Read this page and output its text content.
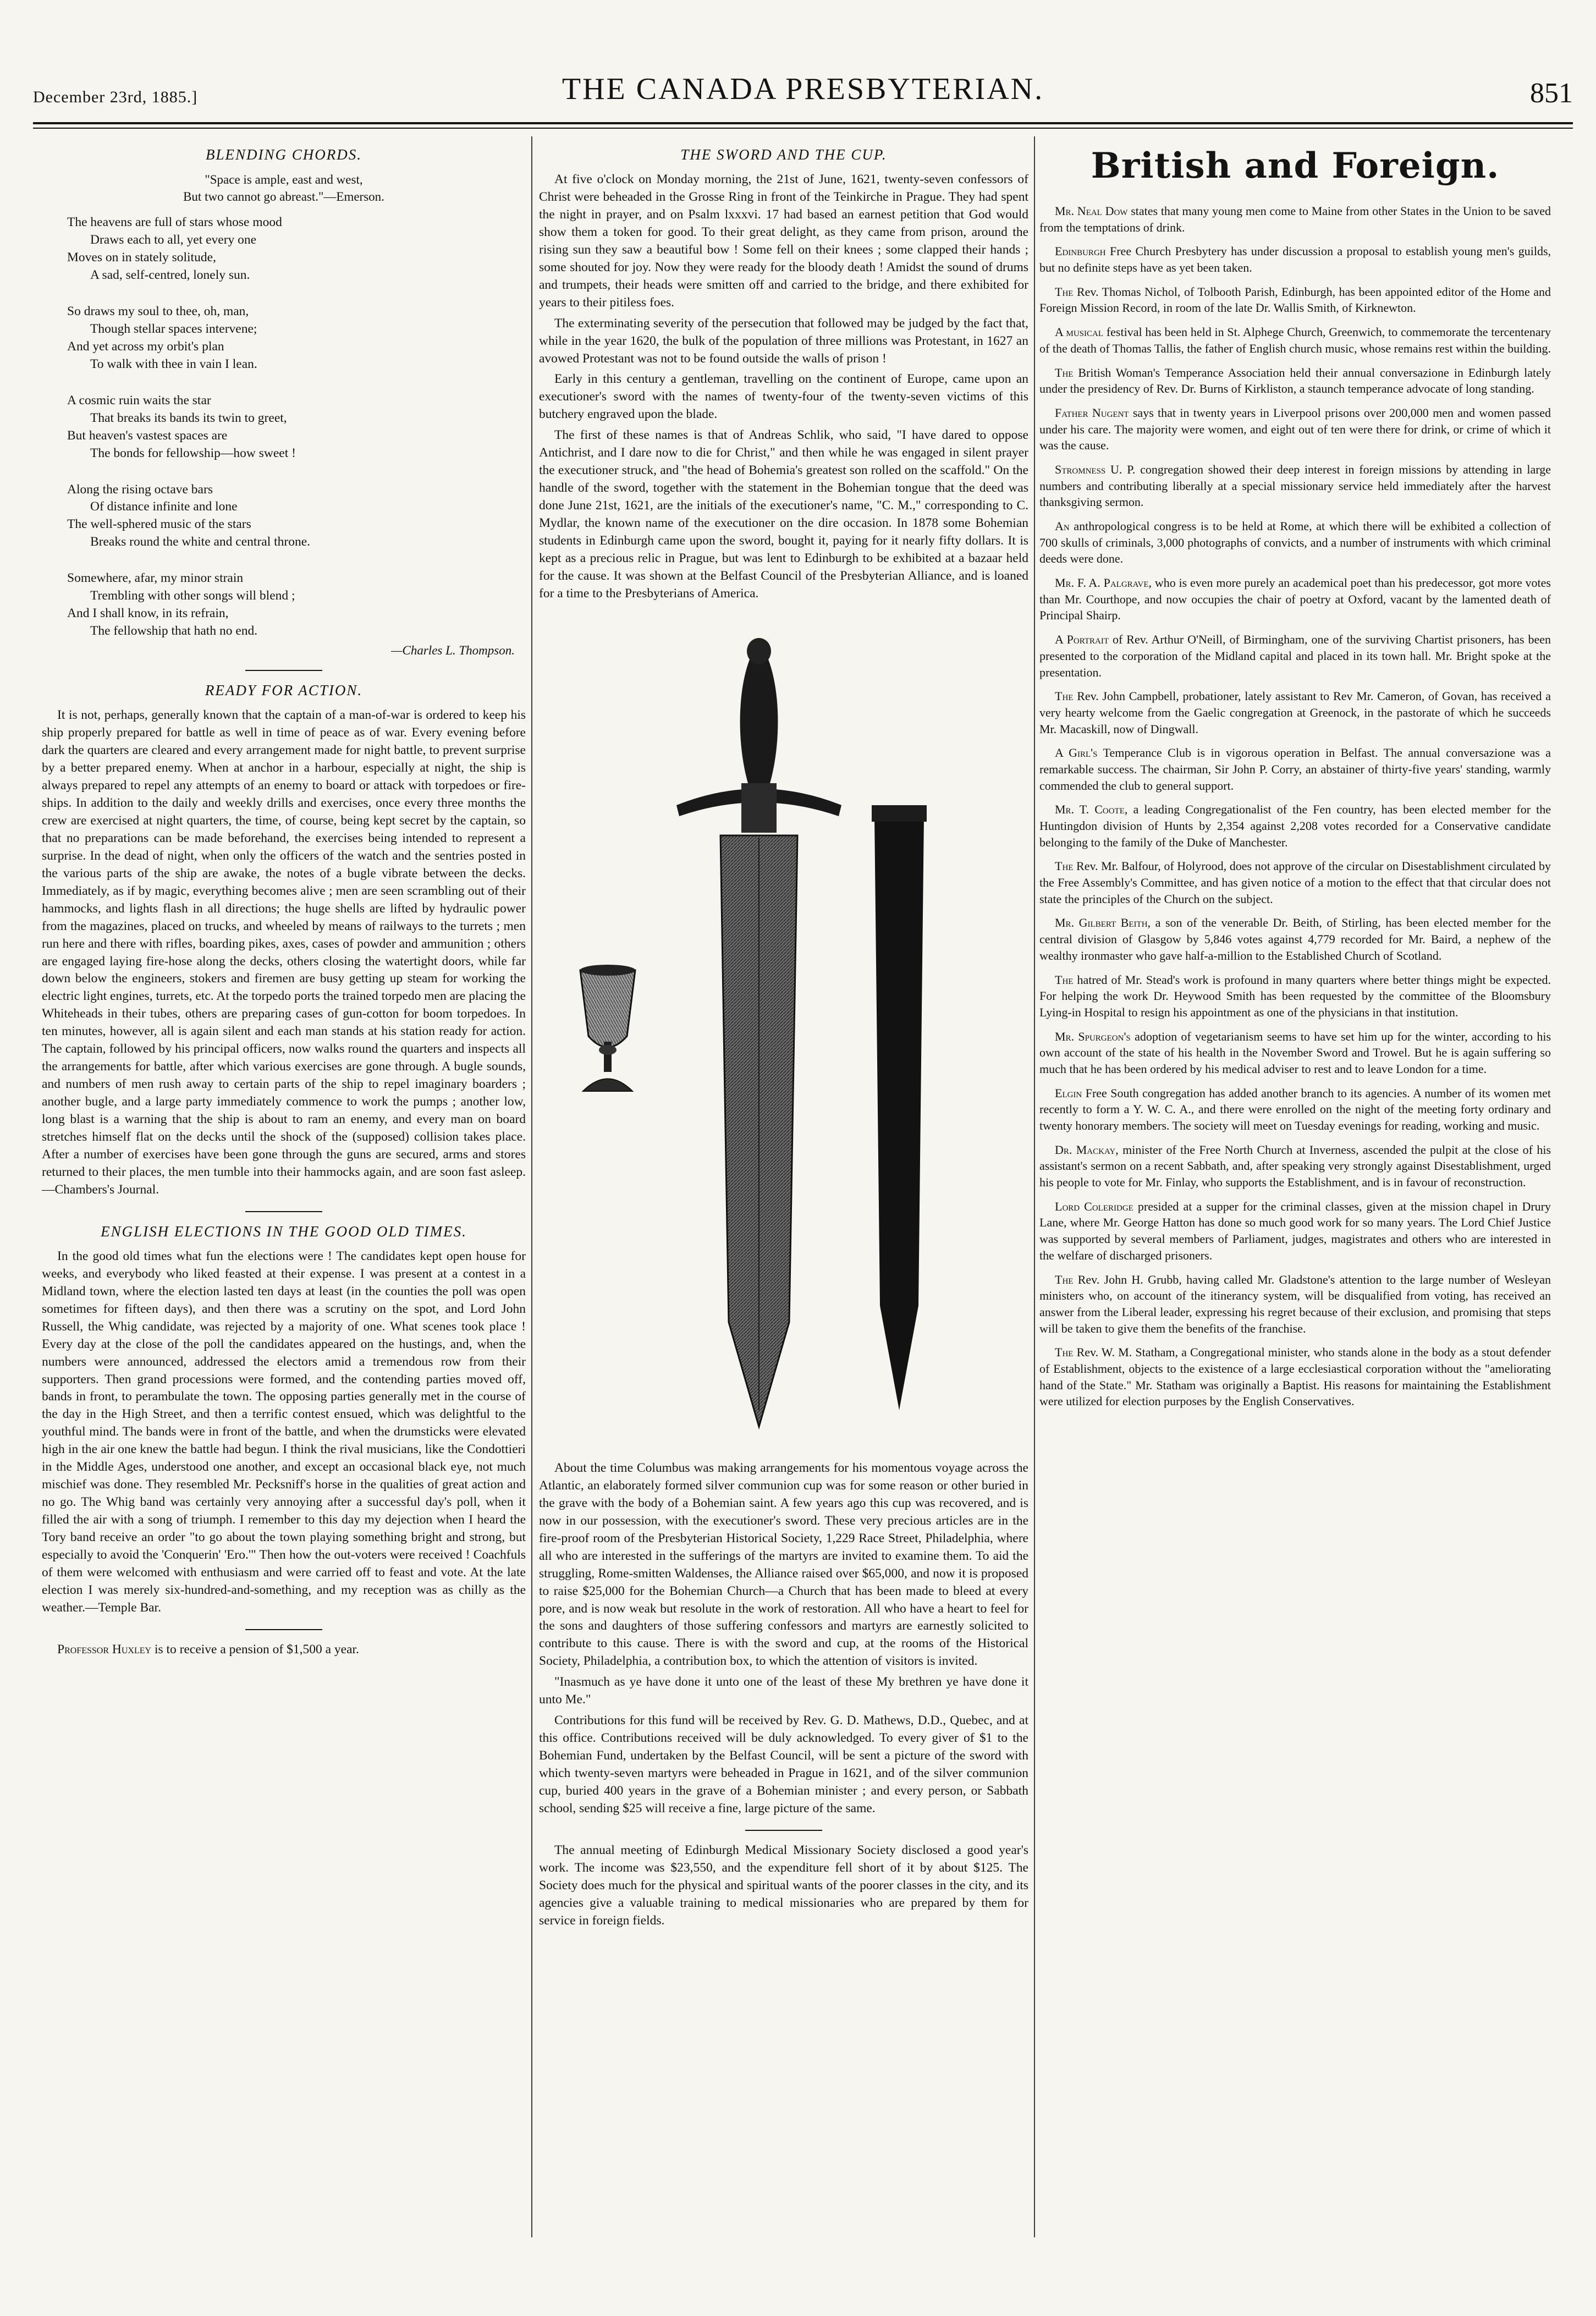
December 23rd, 1885.]	THE CANADA PRESBYTERIAN.	851
BLENDING CHORDS.
"Space is ample, east and west,
But two cannot go abreast."—Emerson.
The heavens are full of stars whose mood
Draws each to all, yet every one
Moves on in stately solitude,
A sad, self-centred, lonely sun.
So draws my soul to thee, oh, man,
Though stellar spaces intervene;
And yet across my orbit's plan
To walk with thee in vain I lean.
A cosmic ruin waits the star
That breaks its bands its twin to greet,
But heaven's vastest spaces are
The bonds for fellowship—how sweet !
Along the rising octave bars
Of distance infinite and lone
The well-sphered music of the stars
Breaks round the white and central throne.
Somewhere, afar, my minor strain
Trembling with other songs will blend ;
And I shall know, in its refrain,
The fellowship that hath no end.
—Charles L. Thompson.
READY FOR ACTION.

It is not, perhaps, generally known that the captain of a man-of-war is ordered to keep his ship properly prepared for battle as well in time of peace as of war. Every evening before dark the quarters are cleared and every arrangement made for night battle, to prevent surprise by a better prepared enemy. When at anchor in a harbour, especially at night, the ship is always prepared to repel any attempts of an enemy to board or attack with torpedoes or fire-ships. In addition to the daily and weekly drills and exercises, once every three months the crew are exercised at night quarters, the time, of course, being kept secret by the captain, so that no preparations can be made beforehand, the exercises being intended to represent a surprise. In the dead of night, when only the officers of the watch and the sentries posted in the various parts of the ship are awake, the notes of a bugle vibrate between the decks. Immediately, as if by magic, everything becomes alive ; men are seen scrambling out of their hammocks, and lights flash in all directions; the huge shells are lifted by hydraulic power from the magazines, placed on trucks, and wheeled by means of railways to the turrets ; men run here and there with rifles, boarding pikes, axes, cases of powder and ammunition ; others are engaged laying fire-hose along the decks, others closing the watertight doors, while far down below the engineers, stokers and firemen are busy getting up steam for working the electric light engines, turrets, etc. At the torpedo ports the trained torpedo men are placing the Whiteheads in their tubes, others are preparing cases of gun-cotton for boom torpedoes. In ten minutes, however, all is again silent and each man stands at his station ready for action. The captain, followed by his principal officers, now walks round the quarters and inspects all the arrangements for battle, after which various exercises are gone through. A bugle sounds, and numbers of men rush away to certain parts of the ship to repel imaginary boarders ; another bugle, and a large party immediately commence to work the pumps ; another low, long blast is a warning that the ship is about to ram an enemy, and every man on board stretches himself flat on the decks until the shock of the (supposed) collision takes place. After a number of exercises have been gone through the guns are secured, arms and stores returned to their places, the men tumble into their hammocks again, and are soon fast asleep.—Chambers's Journal.

ENGLISH ELECTIONS IN THE GOOD OLD TIMES.

In the good old times what fun the elections were ! The candidates kept open house for weeks, and everybody who liked feasted at their expense. I was present at a contest in a Midland town, where the election lasted ten days at least (in the counties the poll was open sometimes for fifteen days), and then there was a scrutiny on the spot, and Lord John Russell, the Whig candidate, was rejected by a majority of one. What scenes took place ! Every day at the close of the poll the candidates appeared on the hustings, and, when the numbers were announced, addressed the electors amid a tremendous row from their supporters. Then grand processions were formed, and the contending parties moved off, bands in front, to perambulate the town. The opposing parties generally met in the course of the day in the High Street, and then a terrific contest ensued, which was delightful to the youthful mind. The bands were in front of the battle, and when the drumsticks were elevated high in the air one knew the battle had begun. I think the rival musicians, like the Condottieri in the Middle Ages, understood one another, and except an occasional black eye, not much mischief was done. They resembled Mr. Pecksniff's horse in the qualities of great action and no go. The Whig band was certainly very annoying after a successful day's poll, when it filled the air with a song of triumph. I remember to this day my dejection when I heard the Tory band receive an order "to go about the town playing something bright and strong, but especially to avoid the 'Conquerin' 'Ero.'" Then how the out-voters were received ! Coachfuls of them were welcomed with enthusiasm and were carried off to feast and vote. At the late election I was merely six-hundred-and-something, and my reception was as chilly as the weather.—Temple Bar.

Professor Huxley is to receive a pension of $1,500 a year.

THE SWORD AND THE CUP.

At five o'clock on Monday morning, the 21st of June, 1621, twenty-seven confessors of Christ were beheaded in the Grosse Ring in front of the Teinkirche in Prague. They had spent the night in prayer, and on Psalm lxxxvi. 17 had based an earnest petition that God would show them a token for good. To their great delight, as they came from prison, around the rising sun they saw a beautiful bow ! Some fell on their knees ; some clapped their hands ; some shouted for joy. Now they were ready for the bloody death ! Amidst the sound of drums and trumpets, their heads were smitten off and carried to the bridge, and there exhibited for years to their pitiless foes.

The exterminating severity of the persecution that followed may be judged by the fact that, while in the year 1620, the bulk of the population of three millions was Protestant, in 1627 an avowed Protestant was not to be found outside the walls of prison !

Early in this century a gentleman, travelling on the continent of Europe, came upon an executioner's sword with the names of twenty-four of the twenty-seven victims of this butchery engraved upon the blade.

The first of these names is that of Andreas Schlik, who said, "I have dared to oppose Antichrist, and I dare now to die for Christ," and then while he was engaged in silent prayer the executioner struck, and "the head of Bohemia's greatest son rolled on the scaffold." On the handle of the sword, together with the statement in the Bohemian tongue that the deed was done June 21st, 1621, are the initials of the executioner's name, "C. M.," corresponding to C. Mydlar, the known name of the executioner on the dire occasion. In 1878 some Bohemian students in Edinburgh came upon the sword, bought it, paying for it nearly fifty dollars. It is kept as a precious relic in Prague, but was lent to Edinburgh to be exhibited at a bazaar held for the cause. It was shown at the Belfast Council of the Presbyterian Alliance, and is loaned for a time to the Presbyterians of America.

About the time Columbus was making arrangements for his momentous voyage across the Atlantic, an elaborately formed silver communion cup was for some reason or other buried in the grave with the body of a Bohemian saint. A few years ago this cup was recovered, and is now in our possession, with the executioner's sword. These very precious articles are in the fire-proof room of the Presbyterian Historical Society, 1,229 Race Street, Philadelphia, where all who are interested in the sufferings of the martyrs are invited to examine them. To aid the struggling, Rome-smitten Waldenses, the Alliance raised over $65,000, and now it is proposed to raise $25,000 for the Bohemian Church—a Church that has been made to bleed at every pore, and is now weak but resolute in the work of restoration. All who have a heart to feel for the sons and daughters of those suffering confessors and martyrs are earnestly solicited to contribute to this cause. There is with the sword and cup, at the rooms of the Historical Society, Philadelphia, a contribution box, to which the attention of visitors is invited.

"Inasmuch as ye have done it unto one of the least of these My brethren ye have done it unto Me."

Contributions for this fund will be received by Rev. G. D. Mathews, D.D., Quebec, and at this office. Contributions received will be duly acknowledged. To every giver of $1 to the Bohemian Fund, undertaken by the Belfast Council, will be sent a picture of the sword with which twenty-seven martyrs were beheaded in Prague in 1621, and of the silver communion cup, buried 400 years in the grave of a Bohemian minister ; and every person, or Sabbath school, sending $25 will receive a fine, large picture of the same.

The annual meeting of Edinburgh Medical Missionary Society disclosed a good year's work. The income was $23,550, and the expenditure fell short of it by about $125. The Society does much for the physical and spiritual wants of the poorer classes in the city, and its agencies give a valuable training to medical missionaries who are prepared by them for service in foreign fields.

British and Foreign.

Mr. Neal Dow states that many young men come to Maine from other States in the Union to be saved from the temptations of drink.

Edinburgh Free Church Presbytery has under discussion a proposal to establish young men's guilds, but no definite steps have as yet been taken.

The Rev. Thomas Nichol, of Tolbooth Parish, Edinburgh, has been appointed editor of the Home and Foreign Mission Record, in room of the late Dr. Wallis Smith, of Kirknewton.

A musical festival has been held in St. Alphege Church, Greenwich, to commemorate the tercentenary of the death of Thomas Tallis, the father of English church music, whose remains rest within the building.

The British Woman's Temperance Association held their annual conversazione in Edinburgh lately under the presidency of Rev. Dr. Burns of Kirkliston, a staunch temperance advocate of long standing.

Father Nugent says that in twenty years in Liverpool prisons over 200,000 men and women passed under his care. The majority were women, and eight out of ten were there for drink, or crime of which it was the cause.

Stromness U. P. congregation showed their deep interest in foreign missions by attending in large numbers and contributing liberally at a special missionary service held immediately after the harvest thanksgiving sermon.

An anthropological congress is to be held at Rome, at which there will be exhibited a collection of 700 skulls of criminals, 3,000 photographs of convicts, and a number of instruments with which criminal deeds were done.

Mr. F. A. Palgrave, who is even more purely an academical poet than his predecessor, got more votes than Mr. Courthope, and now occupies the chair of poetry at Oxford, vacant by the lamented death of Principal Shairp.

A Portrait of Rev. Arthur O'Neill, of Birmingham, one of the surviving Chartist prisoners, has been presented to the corporation of the Midland capital and placed in its town hall. Mr. Bright spoke at the presentation.

The Rev. John Campbell, probationer, lately assistant to Rev Mr. Cameron, of Govan, has received a very hearty welcome from the Gaelic congregation at Greenock, in the pastorate of which he succeeds Mr. Macaskill, now of Dingwall.

A Girl's Temperance Club is in vigorous operation in Belfast. The annual conversazione was a remarkable success. The chairman, Sir John P. Corry, an abstainer of thirty-five years' standing, warmly commended the club to general support.

Mr. T. Coote, a leading Congregationalist of the Fen country, has been elected member for the Huntingdon division of Hunts by 2,354 against 2,208 votes recorded for a Conservative candidate belonging to the family of the Duke of Manchester.

The Rev. Mr. Balfour, of Holyrood, does not approve of the circular on Disestablishment circulated by the Free Assembly's Committee, and has given notice of a motion to the effect that that circular does not state the principles of the Church on the subject.

Mr. Gilbert Beith, a son of the venerable Dr. Beith, of Stirling, has been elected member for the central division of Glasgow by 5,846 votes against 4,779 recorded for Mr. Baird, a nephew of the wealthy ironmaster who gave half-a-million to the Established Church of Scotland.

The hatred of Mr. Stead's work is profound in many quarters where better things might be expected. For helping the work Dr. Heywood Smith has been requested by the committee of the Bloomsbury Lying-in Hospital to resign his appointment as one of the physicians in that institution.

Mr. Spurgeon's adoption of vegetarianism seems to have set him up for the winter, according to his own account of the state of his health in the November Sword and Trowel. But he is again suffering so much that he has been ordered by his medical adviser to rest and to leave London for a time.

Elgin Free South congregation has added another branch to its agencies. A number of its women met recently to form a Y. W. C. A., and there were enrolled on the night of the meeting forty ordinary and twenty honorary members. The society will meet on Tuesday evenings for reading, working and music.

Dr. Mackay, minister of the Free North Church at Inverness, ascended the pulpit at the close of his assistant's sermon on a recent Sabbath, and, after speaking very strongly against Disestablishment, urged his people to vote for Mr. Finlay, who supports the Establishment, and is in favour of reconstruction.

Lord Coleridge presided at a supper for the criminal classes, given at the mission chapel in Drury Lane, where Mr. George Hatton has done so much good work for so many years. The Lord Chief Justice was supported by several members of Parliament, judges, magistrates and others who are interested in the welfare of discharged prisoners.

The Rev. John H. Grubb, having called Mr. Gladstone's attention to the large number of Wesleyan ministers who, on account of the itinerancy system, will be disqualified from voting, has received an answer from the Liberal leader, expressing his regret because of their exclusion, and promising that steps will be taken to give them the benefits of the franchise.

The Rev. W. M. Statham, a Congregational minister, who stands alone in the body as a stout defender of Establishment, objects to the existence of a large ecclesiastical corporation without the "ameliorating hand of the State." Mr. Statham was originally a Baptist. His reasons for maintaining the Establishment were utilized for election purposes by the English Conservatives.
